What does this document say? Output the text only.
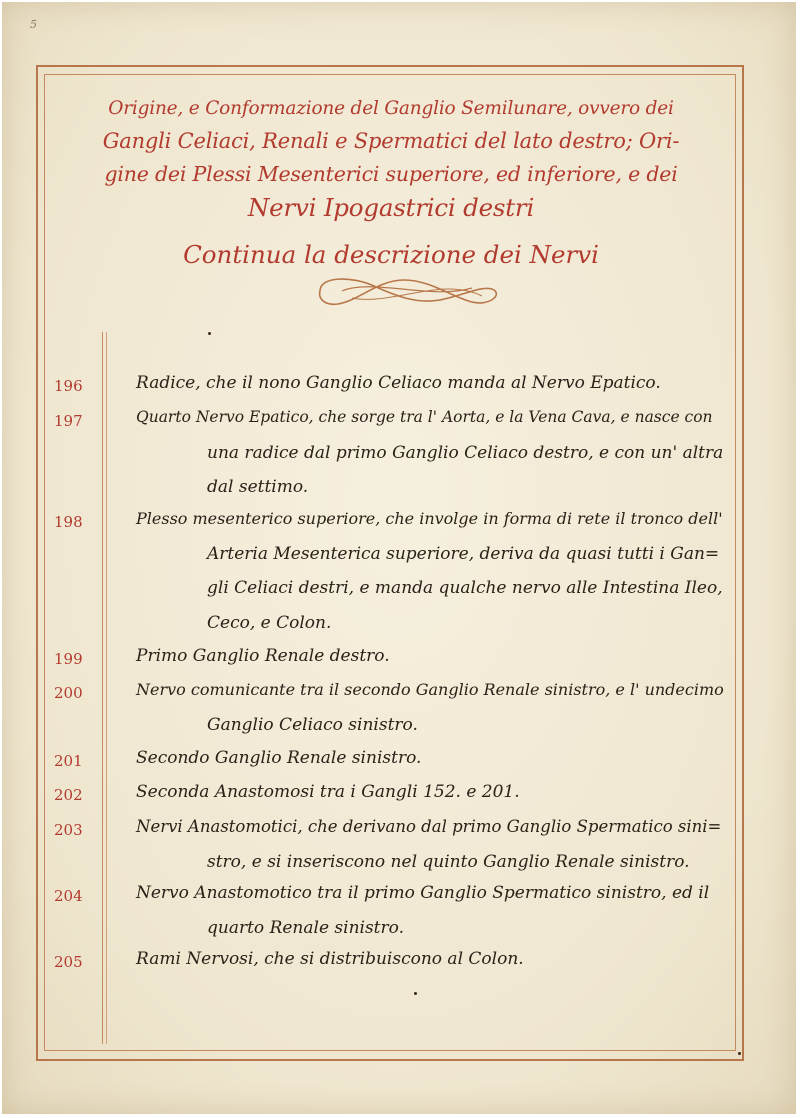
5
Origine, e Conformazione del Ganglio Semilunare, ovvero dei
Gangli Celiaci, Renali e Spermatici del lato destro; Ori-
gine dei Plessi Mesenterici superiore, ed inferiore, e dei
Nervi Ipogastrici destri
Continua la descrizione dei Nervi
196	Radice, che il nono Ganglio Celiaco manda al Nervo Epatico.
197	Quarto Nervo Epatico, che sorge tra l' Aorta, e la Vena Cava, e nasce con
una radice dal primo Ganglio Celiaco destro, e con un' altra
dal settimo.
198	Plesso mesenterico superiore, che involge in forma di rete il tronco dell'
Arteria Mesenterica superiore, deriva da quasi tutti i Gan=
gli Celiaci destri, e manda qualche nervo alle Intestina Ileo,
Ceco, e Colon.
199	Primo Ganglio Renale destro.
200	Nervo comunicante tra il secondo Ganglio Renale sinistro, e l' undecimo
Ganglio Celiaco sinistro.
201	Secondo Ganglio Renale sinistro.
202	Seconda Anastomosi tra i Gangli 152. e 201.
203	Nervi Anastomotici, che derivano dal primo Ganglio Spermatico sini=
stro, e si inseriscono nel quinto Ganglio Renale sinistro.
204	Nervo Anastomotico tra il primo Ganglio Spermatico sinistro, ed il
quarto Renale sinistro.
205	Rami Nervosi, che si distribuiscono al Colon.
